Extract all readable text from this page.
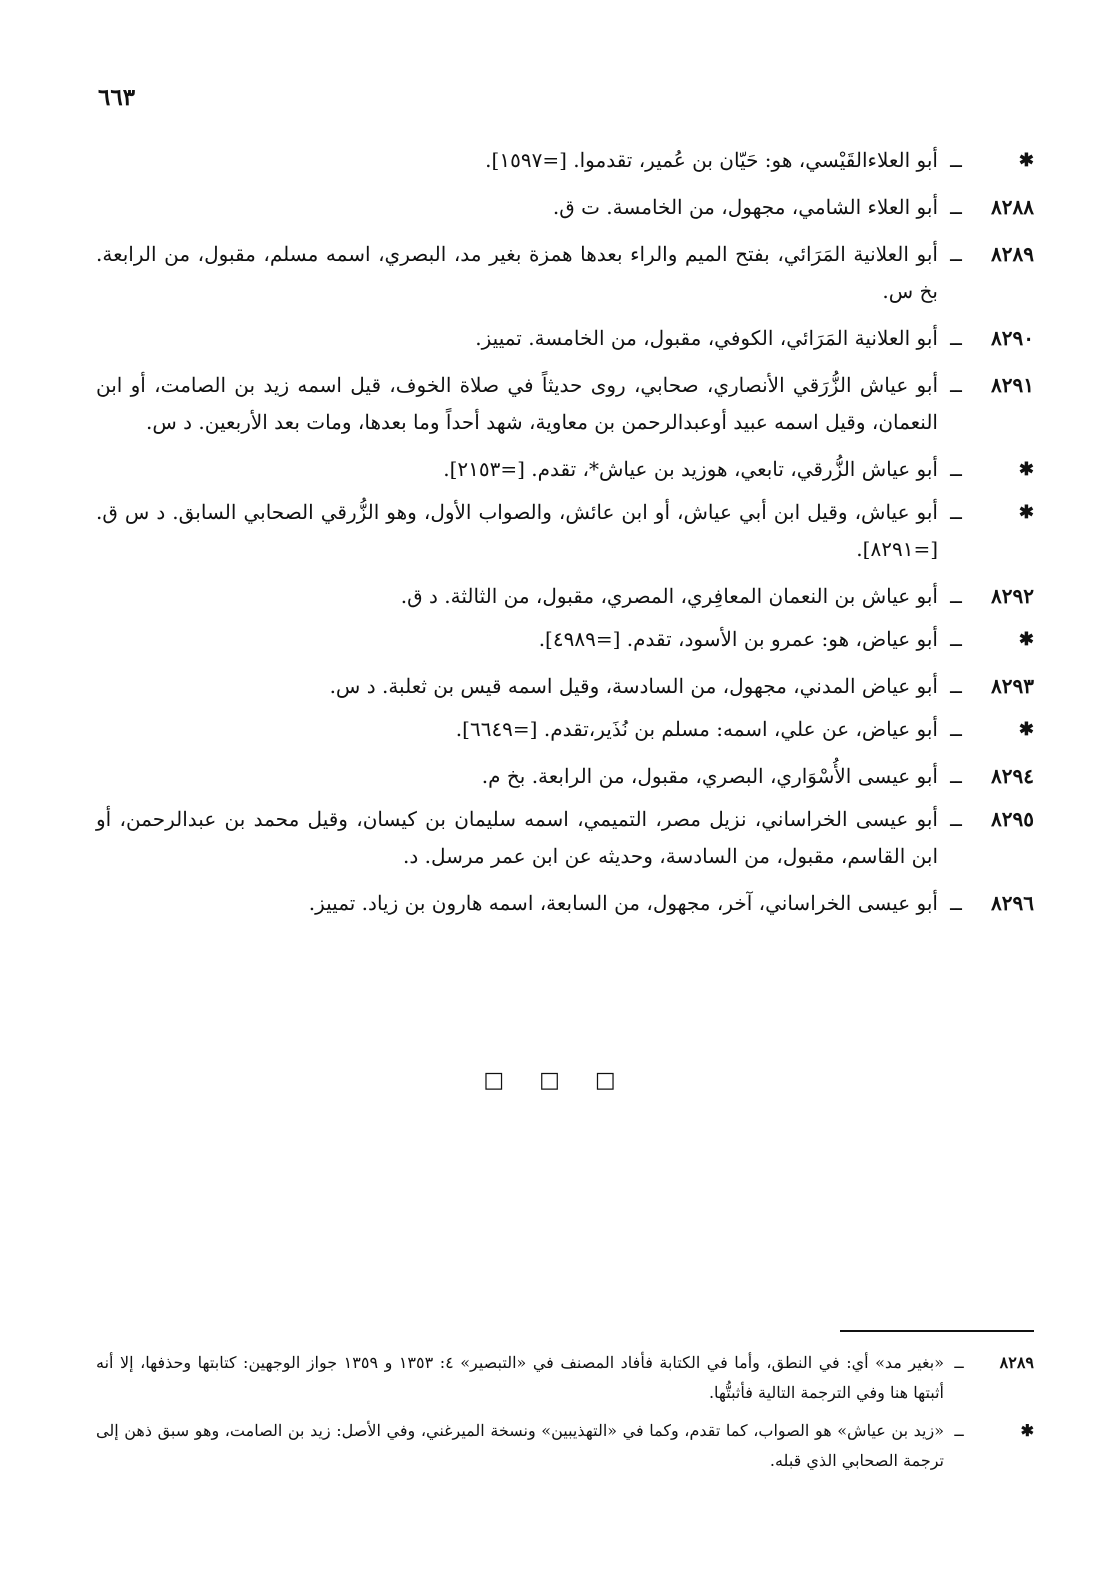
٦٦٣
✱
ــ
أبو العلاءالقَيْسي، هو: حَيّان بن عُمير، تقدموا. [=١٥٩٧].
٨٢٨٨
ــ
أبو العلاء الشامي، مجهول، من الخامسة. ت ق.
٨٢٨٩
ــ
أبو العلانية المَرَائي، بفتح الميم والراء بعدها همزة بغير مد، البصري، اسمه مسلم، مقبول، من الرابعة. بخ س.
٨٢٩٠
ــ
أبو العلانية المَرَائي، الكوفي، مقبول، من الخامسة. تمييز.
٨٢٩١
ــ
أبو عياش الزُّرَقي الأنصاري، صحابي، روى حديثاً في صلاة الخوف، قيل اسمه زيد بن الصامت، أو ابن النعمان، وقيل اسمه عبيد أوعبدالرحمن بن معاوية، شهد أحداً وما بعدها، ومات بعد الأربعين. د س.
✱
ــ
أبو عياش الزُّرقي، تابعي، هوزيد بن عياش*، تقدم. [=٢١٥٣].
✱
ــ
أبو عياش، وقيل ابن أبي عياش، أو ابن عائش، والصواب الأول، وهو الزُّرقي الصحابي السابق. د س ق. [=٨٢٩١].
٨٢٩٢
ــ
أبو عياش بن النعمان المعافِري، المصري، مقبول، من الثالثة. د ق.
✱
ــ
أبو عياض، هو: عمرو بن الأسود، تقدم. [=٤٩٨٩].
٨٢٩٣
ــ
أبو عياض المدني، مجهول، من السادسة، وقيل اسمه قيس بن ثعلبة. د س.
✱
ــ
أبو عياض، عن علي، اسمه: مسلم بن نُذَير،تقدم. [=٦٦٤٩].
٨٢٩٤
ــ
أبو عيسى الأُسْوَاري، البصري، مقبول، من الرابعة. بخ م.
٨٢٩٥
ــ
أبو عيسى الخراساني، نزيل مصر، التميمي، اسمه سليمان بن كيسان، وقيل محمد بن عبدالرحمن، أو ابن القاسم، مقبول، من السادسة، وحديثه عن ابن عمر مرسل. د.
٨٢٩٦
ــ
أبو عيسى الخراساني، آخر، مجهول، من السابعة، اسمه هارون بن زياد. تمييز.
□ □ □
٨٢٨٩
ــ
«بغير مد» أي: في النطق، وأما في الكتابة فأفاد المصنف في «التبصير» ٤: ١٣٥٣ و ١٣٥٩ جواز الوجهين: كتابتها وحذفها، إلا أنه أثبتها هنا وفي الترجمة التالية فأثبتُّها.
✱
ــ
«زيد بن عياش» هو الصواب، كما تقدم، وكما في «التهذيبين» ونسخة الميرغني، وفي الأصل: زيد بن الصامت، وهو سبق ذهن إلى ترجمة الصحابي الذي قبله.
